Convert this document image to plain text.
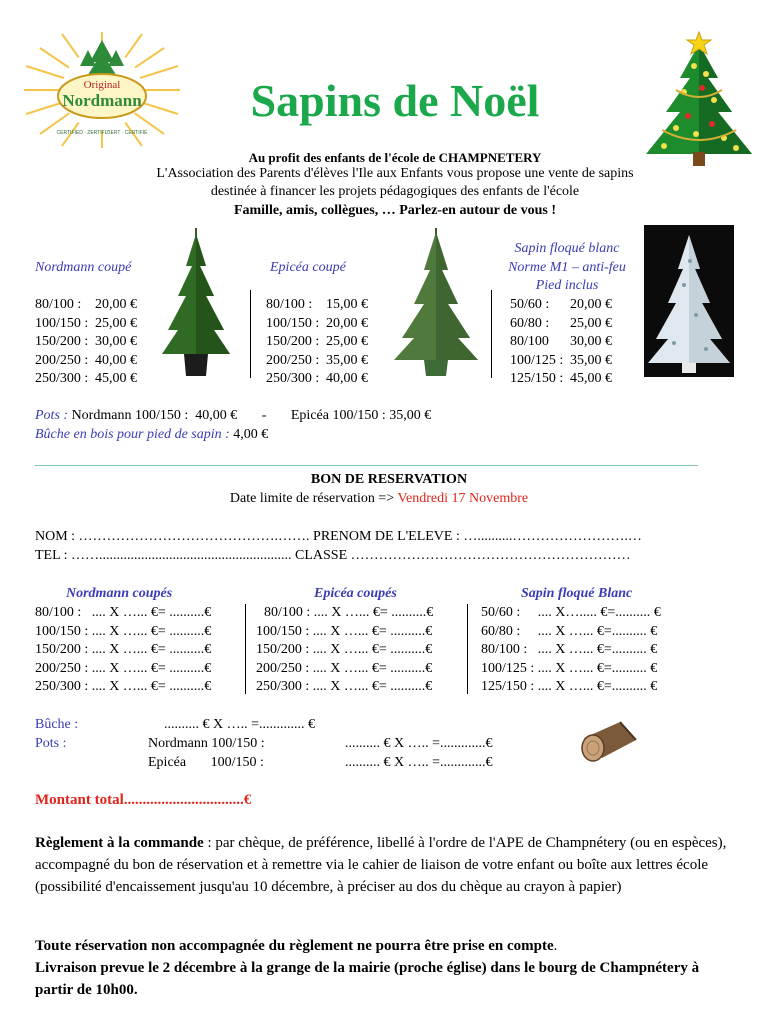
Original
Nordmann
CERTIFIED · ZERTIFIZIERT · CERTIFIÉ
Sapins de Noël
Au profit des enfants de l'école de CHAMPNETERY
L'Association des Parents d'élèves l'Ile aux Enfants vous propose une vente de sapins
destinée à financer les projets pédagogiques des enfants de l'école
Famille, amis, collègues, … Parlez-en autour de vous !
Nordmann coupé
80/100 : 20,00 €
100/150 : 25,00 €
150/200 : 30,00 €
200/250 : 40,00 €
250/300 : 45,00 €
Epicéa coupé
80/100 : 15,00 €
100/150 : 20,00 €
150/200 : 25,00 €
200/250 : 35,00 €
250/300 : 40,00 €
Sapin floqué blanc
Norme M1 – anti-feu
Pied inclus
50/60 :	20,00 €
60/80 :	25,00 €
80/100	30,00 €
100/125 : 35,00 €
125/150 : 45,00 €
Pots : Nordmann 100/150 :  40,00 €       -       Epicéa 100/150 : 35,00 €
Bûche en bois pour pied de sapin : 4,00 €
BON DE RESERVATION
Date limite de réservation => Vendredi 17 Novembre
NOM : …………………………………….……. PRENOM DE L'ELEVE : …..........…………………….…
TEL : ……....................................................... CLASSE ……………………………………………………
Nordmann coupés	Epicéa coupés	Sapin floqué Blanc
80/100 :   .... X …... €= ..........€
100/150 : .... X …... €= ..........€
150/200 : .... X …... €= ..........€
200/250 : .... X …... €= ..........€
250/300 : .... X …... €= ..........€
80/100 : .... X …... €= ..........€
100/150 : .... X …... €= ..........€
150/200 : .... X …... €= ..........€
200/250 : .... X …... €= ..........€
250/300 : .... X …... €= ..........€
50/60 :     .... X…..... €=.......... €
60/80 :     .... X …... €=.......... €
80/100 :   .... X …... €=.......... €
100/125 : .... X …... €=.......... €
125/150 : .... X …... €=.......... €
Bûche :	.......... € X ….. =............. €
Pots :	Nordmann 100/150 :	.......... € X ….. =.............€
Epicéa       100/150 :	.......... € X ….. =.............€
Montant total................................€
Règlement à la commande : par chèque, de préférence, libellé à l'ordre de l'APE de Champnétery (ou en espèces), accompagné du bon de réservation et à remettre via le cahier de liaison de votre enfant ou boîte aux lettres école (possibilité d'encaissement jusqu'au 10 décembre, à préciser au dos du chèque au crayon à papier)
Toute réservation non accompagnée du règlement ne pourra être prise en compte.
Livraison prevue le 2 décembre à la grange de la mairie (proche église) dans le bourg de Champnétery à partir de 10h00.
